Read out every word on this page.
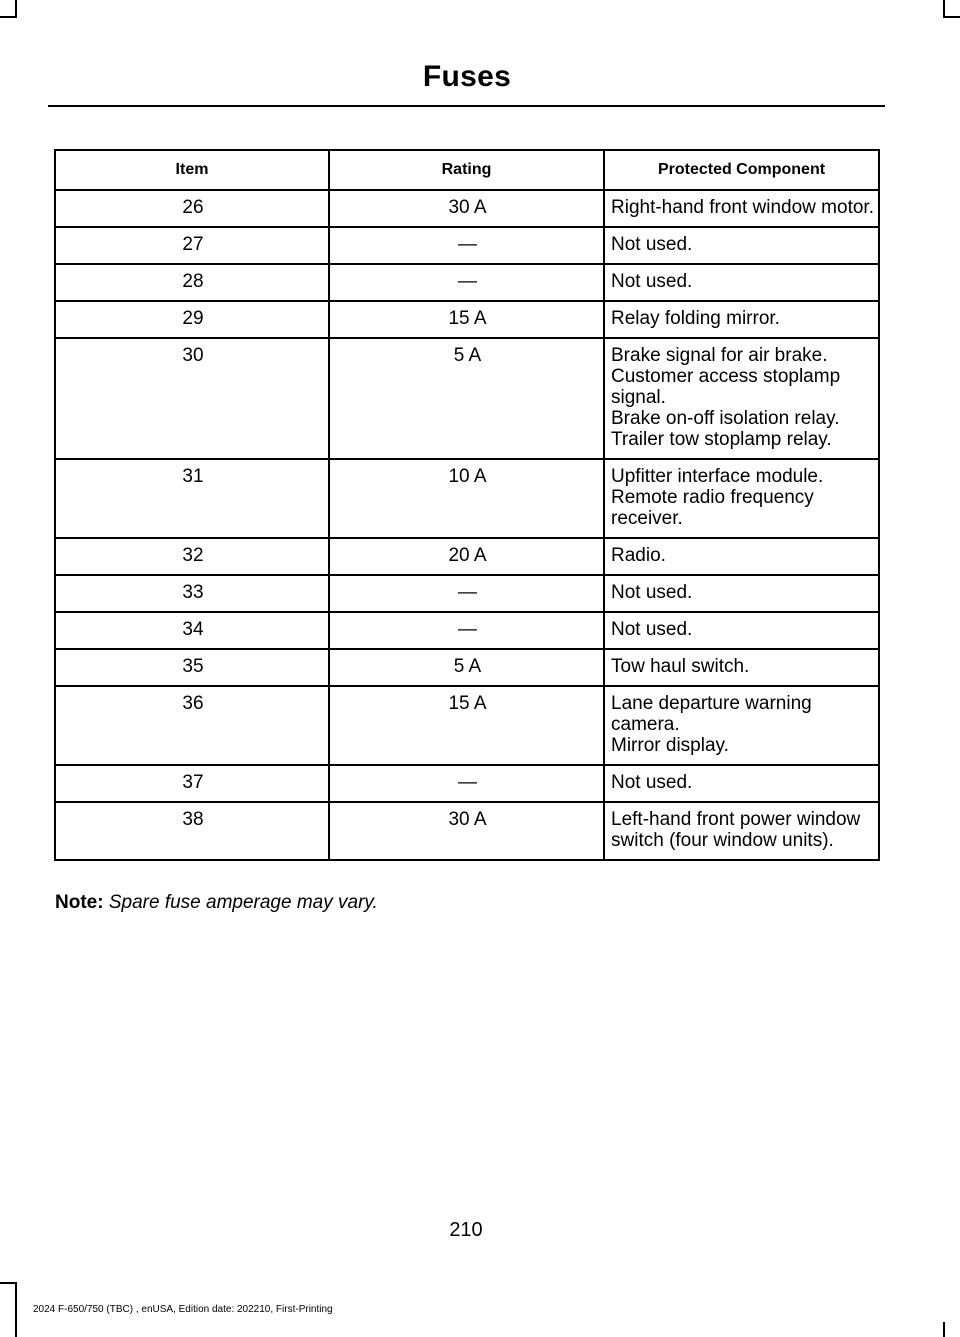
Fuses
Item	Rating	Protected Component
26	30 A	Right-hand front window motor.

27	—	Not used.

28	—	Not used.

29	15 A	Relay folding mirror.

30	5 A	Brake signal for air brake.
Customer access stoplamp signal.
Brake on-off isolation relay.
Trailer tow stoplamp relay.

31	10 A	Upfitter interface module.
Remote radio frequency receiver.

32	20 A	Radio.

33	—	Not used.

34	—	Not used.

35	5 A	Tow haul switch.

36	15 A	Lane departure warning camera.
Mirror display.

37	—	Not used.

38	30 A	Left-hand front power window switch (four window units).
Note: Spare fuse amperage may vary.
210
2024 F-650/750 (TBC) , enUSA, Edition date: 202210, First-Printing
